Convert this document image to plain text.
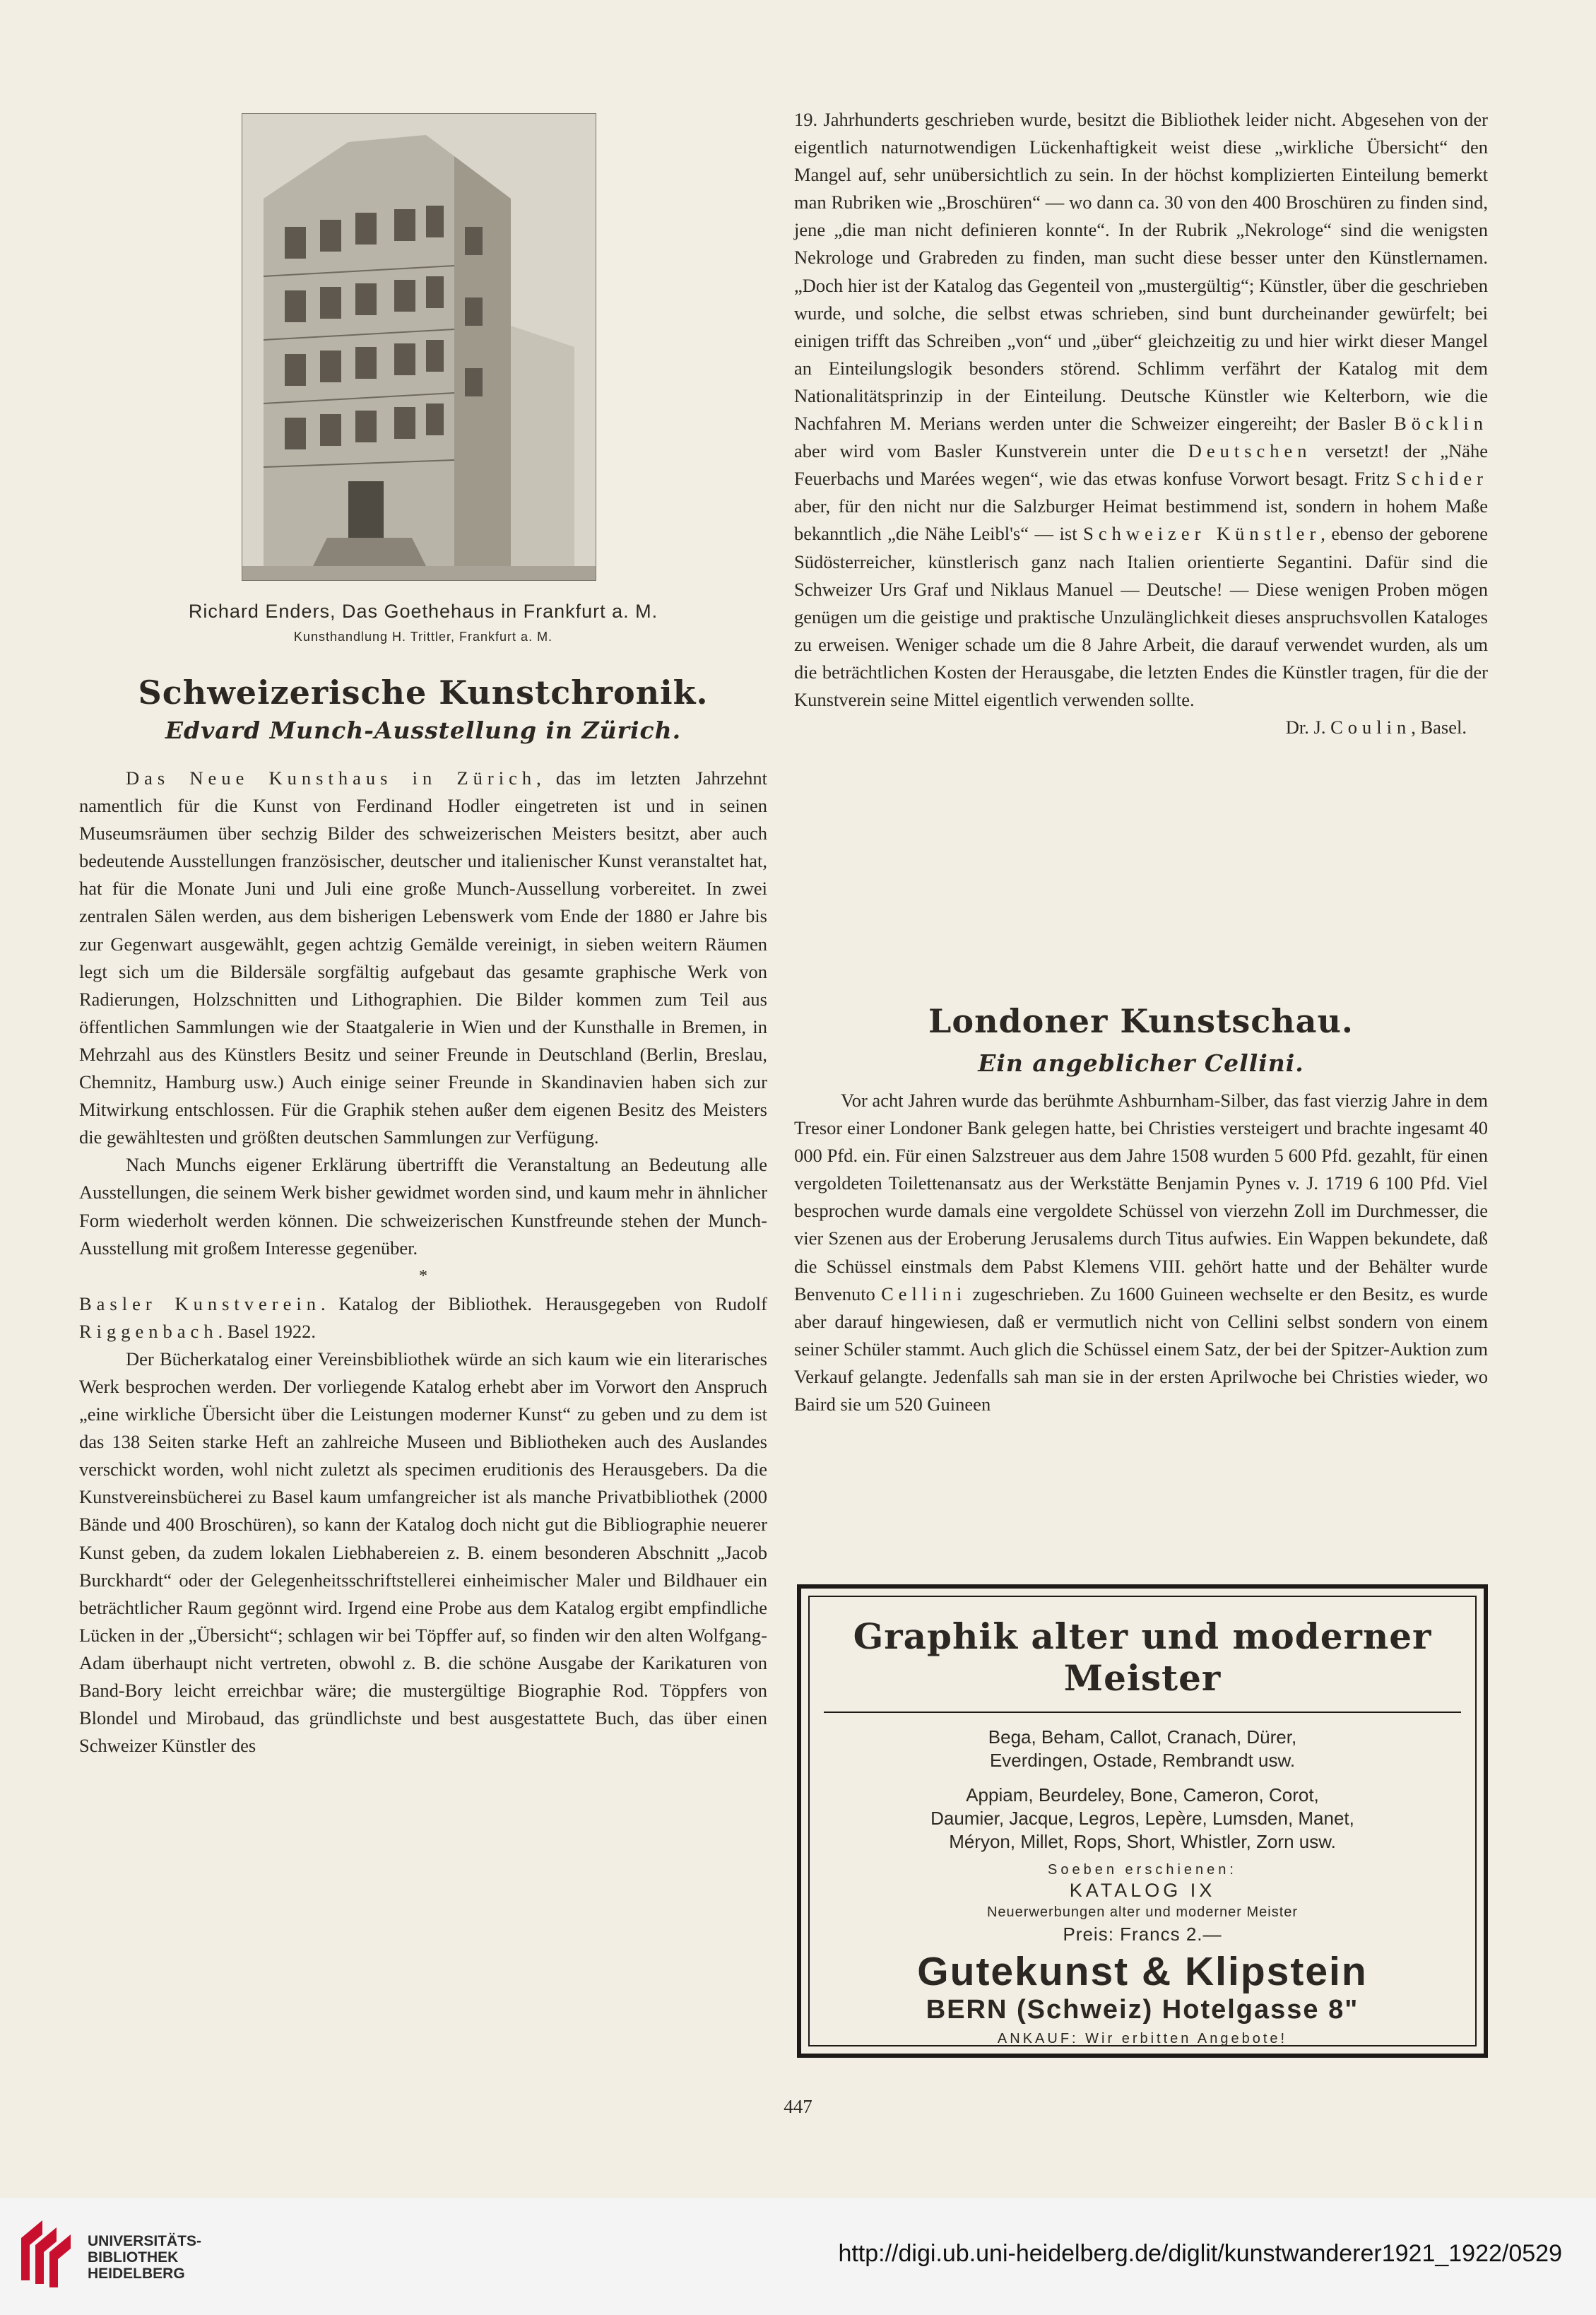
Richard Enders, Das Goethehaus in Frankfurt a. M.
Kunsthandlung H. Trittler, Frankfurt a. M.
Schweizerische Kunstchronik.
Edvard Munch-Ausstellung in Zürich.

Das Neue Kunsthaus in Zürich, das im letzten Jahrzehnt namentlich für die Kunst von Ferdinand Hodler eingetreten ist und in seinen Museumsräumen über sechzig Bilder des schweizerischen Meisters besitzt, aber auch bedeutende Ausstellungen französischer, deutscher und italienischer Kunst veranstaltet hat, hat für die Monate Juni und Juli eine große Munch-Aussellung vorbereitet. In zwei zentralen Sälen werden, aus dem bisherigen Lebenswerk vom Ende der 1880 er Jahre bis zur Gegenwart ausgewählt, gegen achtzig Gemälde vereinigt, in sieben weitern Räumen legt sich um die Bildersäle sorgfältig aufgebaut das gesamte graphische Werk von Radierungen, Holzschnitten und Lithographien. Die Bilder kommen zum Teil aus öffentlichen Sammlungen wie der Staatgalerie in Wien und der Kunsthalle in Bremen, in Mehrzahl aus des Künstlers Besitz und seiner Freunde in Deutschland (Berlin, Breslau, Chemnitz, Hamburg usw.) Auch einige seiner Freunde in Skandinavien haben sich zur Mitwirkung entschlossen. Für die Graphik stehen außer dem eigenen Besitz des Meisters die gewähltesten und größten deutschen Sammlungen zur Verfügung.

Nach Munchs eigener Erklärung übertrifft die Veranstaltung an Bedeutung alle Ausstellungen, die seinem Werk bisher gewidmet worden sind, und kaum mehr in ähnlicher Form wiederholt werden können. Die schweizerischen Kunstfreunde stehen der Munch-Ausstellung mit großem Interesse gegenüber.

*

Basler Kunstverein. Katalog der Bibliothek. Herausgegeben von Rudolf Riggenbach. Basel 1922.

Der Bücherkatalog einer Vereinsbibliothek würde an sich kaum wie ein literarisches Werk besprochen werden. Der vorliegende Katalog erhebt aber im Vorwort den Anspruch „eine wirkliche Übersicht über die Leistungen moderner Kunst“ zu geben und zu dem ist das 138 Seiten starke Heft an zahlreiche Museen und Bibliotheken auch des Auslandes verschickt worden, wohl nicht zuletzt als specimen eruditionis des Herausgebers. Da die Kunstvereinsbücherei zu Basel kaum umfangreicher ist als manche Privatbibliothek (2000 Bände und 400 Broschüren), so kann der Katalog doch nicht gut die Bibliographie neuerer Kunst geben, da zudem lokalen Liebhabereien z. B. einem besonderen Abschnitt „Jacob Burckhardt“ oder der Gelegenheitsschriftstellerei einheimischer Maler und Bildhauer ein beträchtlicher Raum gegönnt wird. Irgend eine Probe aus dem Katalog ergibt empfindliche Lücken in der „Übersicht“; schlagen wir bei Töpffer auf, so finden wir den alten Wolfgang-Adam überhaupt nicht vertreten, obwohl z. B. die schöne Ausgabe der Karikaturen von Band-Bory leicht erreichbar wäre; die mustergültige Biographie Rod. Töppfers von Blondel und Mirobaud, das gründlichste und best ausgestattete Buch, das über einen Schweizer Künstler des

19. Jahrhunderts geschrieben wurde, besitzt die Bibliothek leider nicht. Abgesehen von der eigentlich naturnotwendigen Lückenhaftigkeit weist diese „wirkliche Übersicht“ den Mangel auf, sehr unübersichtlich zu sein. In der höchst komplizierten Einteilung bemerkt man Rubriken wie „Broschüren“ — wo dann ca. 30 von den 400 Broschüren zu finden sind, jene „die man nicht definieren konnte“. In der Rubrik „Nekrologe“ sind die wenigsten Nekrologe und Grabreden zu finden, man sucht diese besser unter den Künstlernamen. „Doch hier ist der Katalog das Gegenteil von „mustergültig“; Künstler, über die geschrieben wurde, und solche, die selbst etwas schrieben, sind bunt durcheinander gewürfelt; bei einigen trifft das Schreiben „von“ und „über“ gleichzeitig zu und hier wirkt dieser Mangel an Einteilungslogik besonders störend. Schlimm verfährt der Katalog mit dem Nationalitätsprinzip in der Einteilung. Deutsche Künstler wie Kelterborn, wie die Nachfahren M. Merians werden unter die Schweizer eingereiht; der Basler Böcklin aber wird vom Basler Kunstverein unter die Deutschen versetzt! der „Nähe Feuerbachs und Marées wegen“, wie das etwas konfuse Vorwort besagt. Fritz Schider aber, für den nicht nur die Salzburger Heimat bestimmend ist, sondern in hohem Maße bekanntlich „die Nähe Leibl's“ — ist Schweizer Künstler, ebenso der geborene Südösterreicher, künstlerisch ganz nach Italien orientierte Segantini. Dafür sind die Schweizer Urs Graf und Niklaus Manuel — Deutsche! — Diese wenigen Proben mögen genügen um die geistige und praktische Unzulänglichkeit dieses anspruchsvollen Kataloges zu erweisen. Weniger schade um die 8 Jahre Arbeit, die darauf verwendet wurden, als um die beträchtlichen Kosten der Herausgabe, die letzten Endes die Künstler tragen, für die der Kunstverein seine Mittel eigentlich verwenden sollte.

Dr. J. Coulin, Basel.
Londoner Kunstschau.
Ein angeblicher Cellini.

Vor acht Jahren wurde das berühmte Ashburnham-Silber, das fast vierzig Jahre in dem Tresor einer Londoner Bank gelegen hatte, bei Christies versteigert und brachte ingesamt 40 000 Pfd. ein. Für einen Salzstreuer aus dem Jahre 1508 wurden 5 600 Pfd. gezahlt, für einen vergoldeten Toilettenansatz aus der Werkstätte Benjamin Pynes v. J. 1719 6 100 Pfd. Viel besprochen wurde damals eine vergoldete Schüssel von vierzehn Zoll im Durchmesser, die vier Szenen aus der Eroberung Jerusalems durch Titus aufwies. Ein Wappen bekundete, daß die Schüssel einstmals dem Pabst Klemens VIII. gehört hatte und der Behälter wurde Benvenuto Cellini zugeschrieben. Zu 1600 Guineen wechselte er den Besitz, es wurde aber darauf hingewiesen, daß er vermutlich nicht von Cellini selbst sondern von einem seiner Schüler stammt. Auch glich die Schüssel einem Satz, der bei der Spitzer-Auktion zum Verkauf gelangte. Jedenfalls sah man sie in der ersten Aprilwoche bei Christies wieder, wo Baird sie um 520 Guineen

Graphik alter und moderner Meister
Bega, Beham, Callot, Cranach, Dürer,
Everdingen, Ostade, Rembrandt usw.
Appiam, Beurdeley, Bone, Cameron, Corot,
Daumier, Jacque, Legros, Lepère, Lumsden, Manet,
Méryon, Millet, Rops, Short, Whistler, Zorn usw.
Soeben erschienen:
KATALOG IX
Neuerwerbungen alter und moderner Meister
Preis: Francs 2.—
Gutekunst & Klipstein
BERN (Schweiz) Hotelgasse 8"
ANKAUF: Wir erbitten Angebote!
447
UNIVERSITÄTS-
BIBLIOTHEK
HEIDELBERG
http://digi.ub.uni-heidelberg.de/diglit/kunstwanderer1921_1922/0529
